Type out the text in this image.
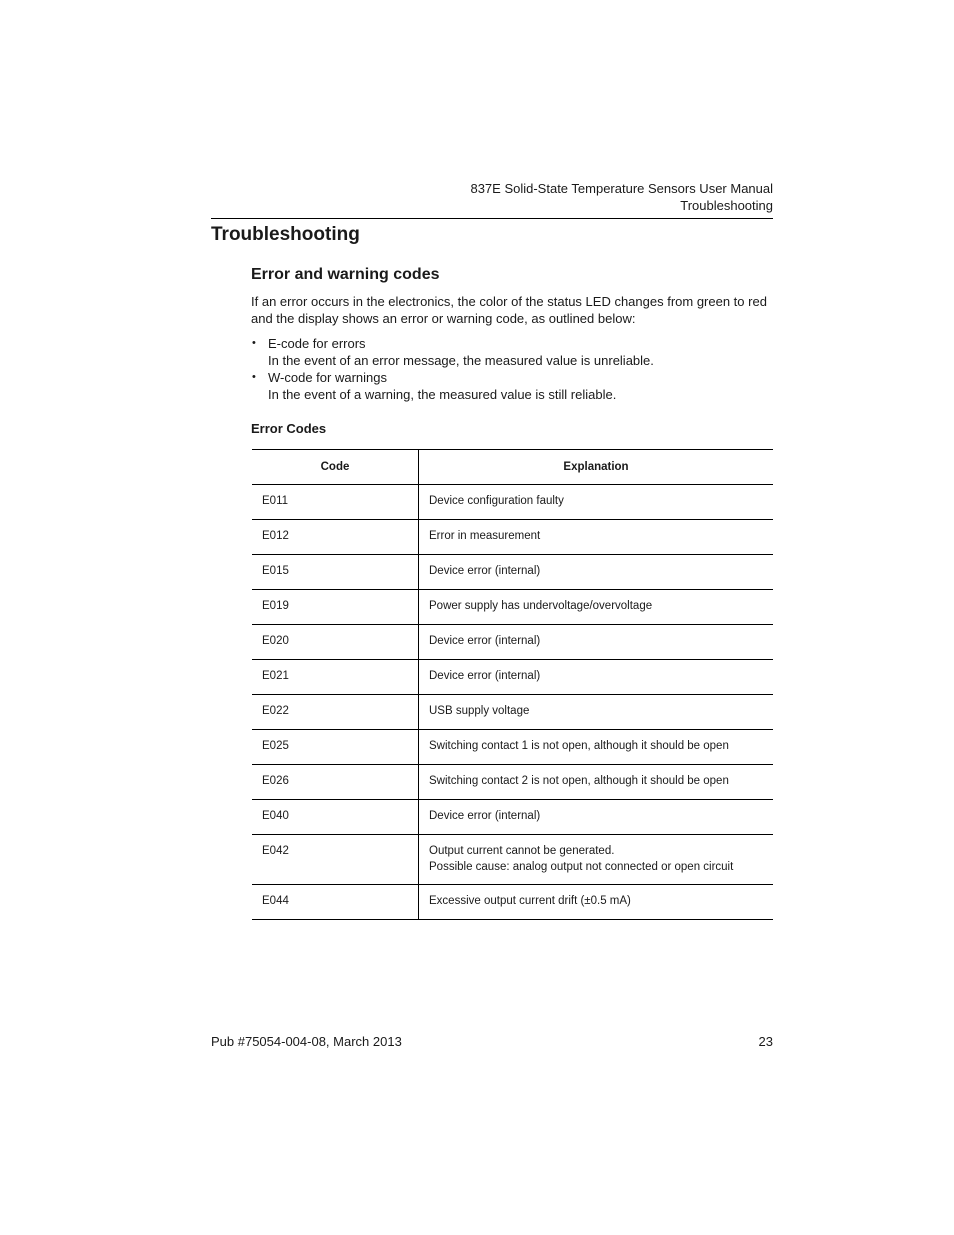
837E Solid-State Temperature Sensors User Manual
Troubleshooting
Troubleshooting
Error and warning codes

If an error occurs in the electronics, the color of the status LED changes from green to red and the display shows an error or warning code, as outlined below:

• E-code for errors
In the event of an error message, the measured value is unreliable.
• W-code for warnings
In the event of a warning, the measured value is still reliable.
Error Codes
Code	Explanation
E011	Device configuration faulty

E012	Error in measurement

E015	Device error (internal)

E019	Power supply has undervoltage/overvoltage

E020	Device error (internal)

E021	Device error (internal)

E022	USB supply voltage

E025	Switching contact 1 is not open, although it should be open

E026	Switching contact 2 is not open, although it should be open

E040	Device error (internal)

E042	Output current cannot be generated.
Possible cause: analog output not connected or open circuit

E044	Excessive output current drift (±0.5 mA)
Pub #75054-004-08, March 2013	23
